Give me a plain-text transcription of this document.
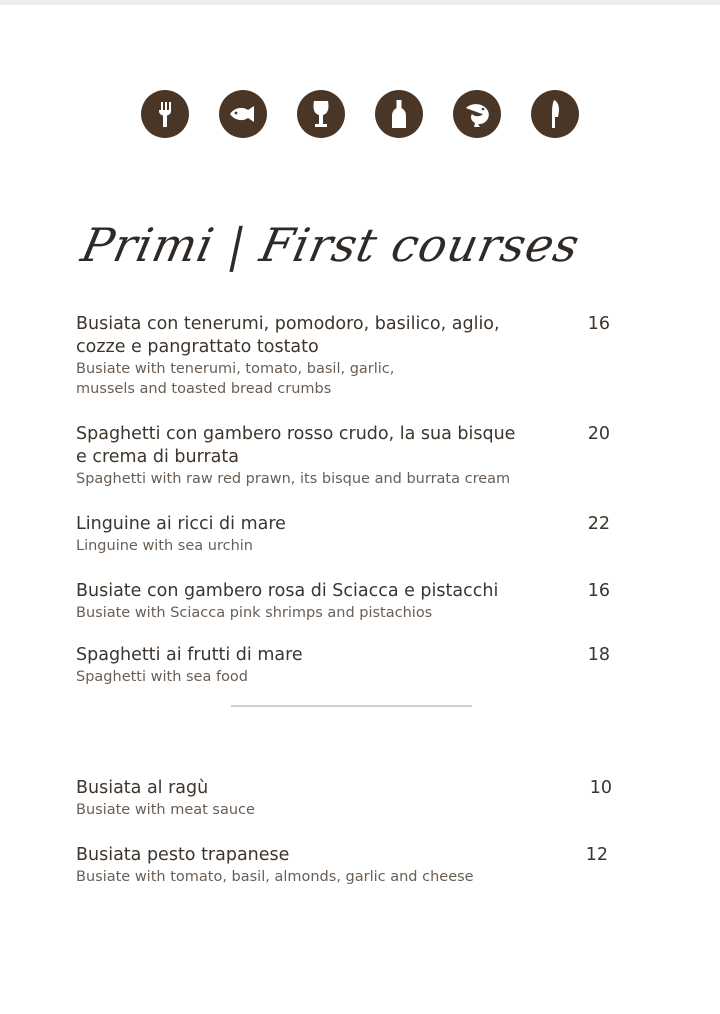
Primi | First courses

Busiata con tenerumi, pomodoro, basilico, aglio, cozze e pangrattato tostato

Busiate with tenerumi, tomato, basil, garlic, mussels and toasted bread crumbs

16

Spaghetti con gambero rosso crudo, la sua bisque e crema di burrata

Spaghetti with raw red prawn, its bisque and burrata cream

20

Linguine ai ricci di mare

Linguine with sea urchin

22

Busiate con gambero rosa di Sciacca e pistacchi

Busiate with Sciacca pink shrimps and pistachios

16

Spaghetti ai frutti di mare

Spaghetti with sea food

18

Busiata al ragù

Busiate with meat sauce

10

Busiata pesto trapanese

Busiate with tomato, basil, almonds, garlic and cheese

12
